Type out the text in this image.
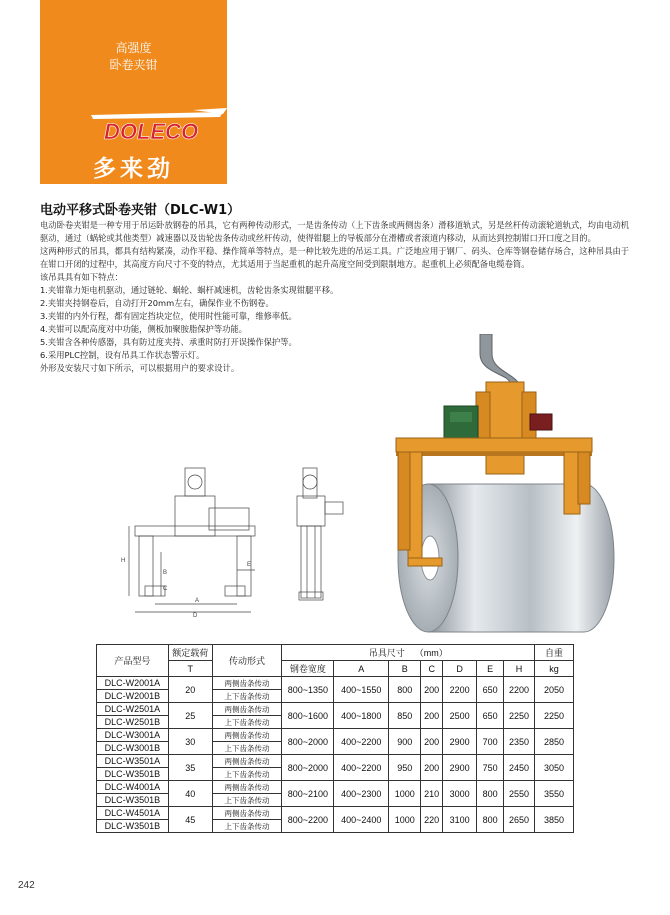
高强度
卧卷夹钳
DOLECO
多来劲
电动平移式卧卷夹钳（DLC-W1）

电动卧卷夹钳是一种专用于吊运卧放钢卷的吊具，它有两种传动形式，一是齿条传动（上下齿条或两侧齿条）滑移道轨式，另是丝杆传动滚轮道轨式，均由电动机驱动，通过（蜗轮或其他类型）减速器以及齿轮齿条传动或丝杆传动，使得钳腿上的导板部分在滑槽或者滚道内移动，从而达到控制钳口开口度之目的。

这两种形式的吊具，都具有结构紧凑，动作平稳、操作简单等特点，是一种比较先进的吊运工具。广泛地应用于钢厂、码头、仓库等钢卷储存场合，这种吊具由于在钳口开闭的过程中，其高度方向尺寸不变的特点，尤其适用于当起重机的起升高度空间受到限制地方。起重机上必须配备电缆卷筒。

该吊具具有如下特点：

1.夹钳靠力矩电机驱动，通过链轮、蜗轮、蜗杆减速机，齿轮齿条实现钳腿平移。

2.夹钳夹持钢卷后，自动打开20mm左右，确保作业不伤钢卷。

3.夹钳的内外行程，都有固定挡块定位，使用时性能可靠，维修率低。

4.夹钳可以配高度对中功能，侧板加聚胺脂保护等功能。

5.夹钳含各种传感器，具有防过度夹持、承重时防打开误操作保护等。

6.采用PLC控制，设有吊具工作状态警示灯。

外形及安装尺寸如下所示，可以根据用户的要求设计。

H
B
C
A
D
E
产品型号	额定载荷	传动形式	吊具尺寸 （mm）							自重
	T		钢卷宽度	A	B	C	D	E	H	kg
DLC-W2001A	20	两侧齿条传动	800~1350	400~1550	800	200	2200	650	2200	2050
DLC-W2001B		上下齿条传动								
DLC-W2501A	25	两侧齿条传动	800~1600	400~1800	850	200	2500	650	2250	2250
DLC-W2501B		上下齿条传动								
DLC-W3001A	30	两侧齿条传动	800~2000	400~2200	900	200	2900	700	2350	2850
DLC-W3001B		上下齿条传动								
DLC-W3501A	35	两侧齿条传动	800~2000	400~2200	950	200	2900	750	2450	3050
DLC-W3501B		上下齿条传动								
DLC-W4001A	40	两侧齿条传动	800~2100	400~2300	1000	210	3000	800	2550	3550
DLC-W3501B		上下齿条传动								
DLC-W4501A	45	两侧齿条传动	800~2200	400~2400	1000	220	3100	800	2650	3850
DLC-W3501B		上下齿条传动								
242
